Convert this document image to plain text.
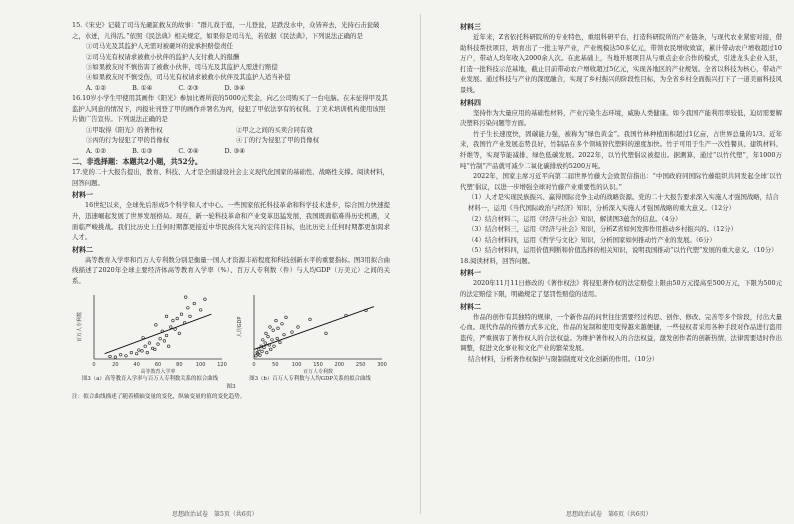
15.《宋史》记载了司马光砸缸救友的故事：“群儿戏于庭，一儿登瓮，足跌没水中，众皆弃去，光持石击瓮破之，水迸，儿得活。”依照《民法典》相关规定，如果你是司马光，若依据《民法典》，下列说法正确的是
①司马光及其监护人无需对被砸坏的瓮承担赔偿责任
②司马光有权请求被救小伙伴的监护人支付救人的报酬
③如果救友时不慎伤害了被救小伙伴，司马光及其监护人需进行赔偿
④如果救友时不慎受伤，司马光有权请求被救小伙伴及其监护人适当补偿
A. ①②	B. ①④	C. ②③	D. ③④
16.10岁小学生甲使用其画作《阳光》参加比赛所获的5000元奖金，向乙公司购买了一台电脑。在未征得甲及其监护人同意的情况下，丙报社刊登了甲的画作并署名为丙，侵犯了甲依法享有的权利。丁美术培训机构使用该照片做广告宣传。下列说法正确的是
①甲取得《阳光》的著作权	②甲之之间的买卖合同有效
③丙的行为侵犯了甲的肖像权	④丁的行为侵犯了甲的肖像权
A. ①②	B. ①③	C. ②④	D. ③④
二、非选择题：本题共2小题，共52分。
17.党的二十大报告提出，教育、科技、人才是全面建设社会主义现代化国家的基础性、战略性支撑。阅读材料，回答问题。
材料一
16世纪以来，全球先后形成5个科学和人才中心。一些国家依托科技革命和科学技术进步，综合国力快速提升，迅速崛起发展了世界发展格局。现在，新一轮科技革命和产业变革迅猛发展，我国既面临难得历史机遇，又面临严峻挑战。我们比历史上任何时期都更接近中华民族伟大复兴的宏伟目标，也比历史上任何时期都更加渴求人才。
材料二
高等教育入学率和百万人专利数分别是衡量一国人才资源丰裕程度和科技创新水平的重要指标。图3用拟合曲线描述了2020年全球主要经济体高等教育入学率（%）、百万人专利数（件）与人均GDP（万美元）之间的关系。
0	20	40	60	80	100 120
高等教育入学率
百万人专利数
图3（a）高等教育入学率与百万人专利数关系的拟合曲线
0	50	100 150 200 250 300
百万人专利数
人均GDP
图3（b）百万人专利数与人均GDP关系的拟合曲线
图3
注：拟合曲线描述了随着横轴变量的变化，纵轴变量的值的变化趋势。
思想政治试卷　第5页（共6页）
材料三
近年来，Z省依托科研院所的专业特色，重组科研平台，打造科研院所的产业链条，与现代农业紧密对接，借助科技帮扶项目，培育出了一批主导产业，产业规模达50多亿元，带领农民增收致富，累计带动农户增收超过10万户，带动人均年收入2000余人次。在此基础上，当地开展项目从与重点企业合作的模式，引进龙头企业入驻，打造一批科技示范基地，截止目前带动农户增收超过5亿元，实现各地区的产业规划。全省以科技为核心，带动产业发展。通过科技与产业的深度融合，实现了乡村振兴的阶段性目标，为全省乡村全面振兴打下了一道美丽科技风景线。
材料四
坚持作为大量应用的基础性材料，产业污染生态环境，威胁人类健康。如今我国产能利用率较低，迫切需要解决塑料污染问题等方面。
竹子生长速度快，固碳能力强，被称为“绿色黄金”。我国竹林种植面积超过1亿亩，占世界总量的1/3。近年来，我国竹产业发展态势良好，竹制品在多个领域替代塑料的速度加快。竹子可用于生产一次性餐具、建筑材料、纤维等，实现节能减排、绿色低碳发展。2022年，以竹代塑倡议被提出。据测算，通过“以竹代塑”，年1000万吨“竹制”产品就可减少二氧化碳排放约5200万吨。
2022年，国家主席习近平向第二届世界竹藤大会致贺信指出：“中国政府同国际竹藤组织共同发起全球‘以竹代塑’倡议，以进一步增强全球对竹藤产业重要性的认识。”
（1）人才是实现民族振兴、赢得国际竞争主动的战略资源。党的二十大报告要求深入实施人才强国战略，结合材料一，运用《当代国际政治与经济》知识，分析深入实施人才强国战略的重大意义。（12分）
（2）结合材料二，运用《经济与社会》知识，解读图3蕴含的信息。（4分）
（3）结合材料三，运用《经济与社会》知识，分析Z省如何发挥作用推动乡村振兴的。（12分）
（4）结合材料四，运用《哲学与文化》知识，分析国家如何推动竹产业的发展。（6分）
（5）结合材料四，运用价值判断和价值选择的相关知识，说明我国推动“以竹代塑”发展的重大意义。（10分）
18.阅读材料，回答问题。
材料一
2020年11月11日修改的《著作权法》将侵犯著作权的法定赔偿上限由50万元提高至500万元，下限为500元的法定赔偿下限，明确规定了惩罚性赔偿的适用。
材料二
作品的创作有其独特的规律，一个新作品的问世往往需要经过构思、创作、修改、完善等多个阶段，付出大量心血。现代作品的传播方式多元化，作品的复制和使用变得越来越便捷，一些侵权者采用各种手段对作品进行盗用盗传，严重损害了著作权人的合法权益。为维护著作权人的合法权益，激发创作者的创新热情，法律需要适时作出调整，促进文化事业和文化产业的繁荣发展。
结合材料，分析著作权保护与限制制度对文化创新的作用。（10分）
思想政治试卷　第6页（共6页）
